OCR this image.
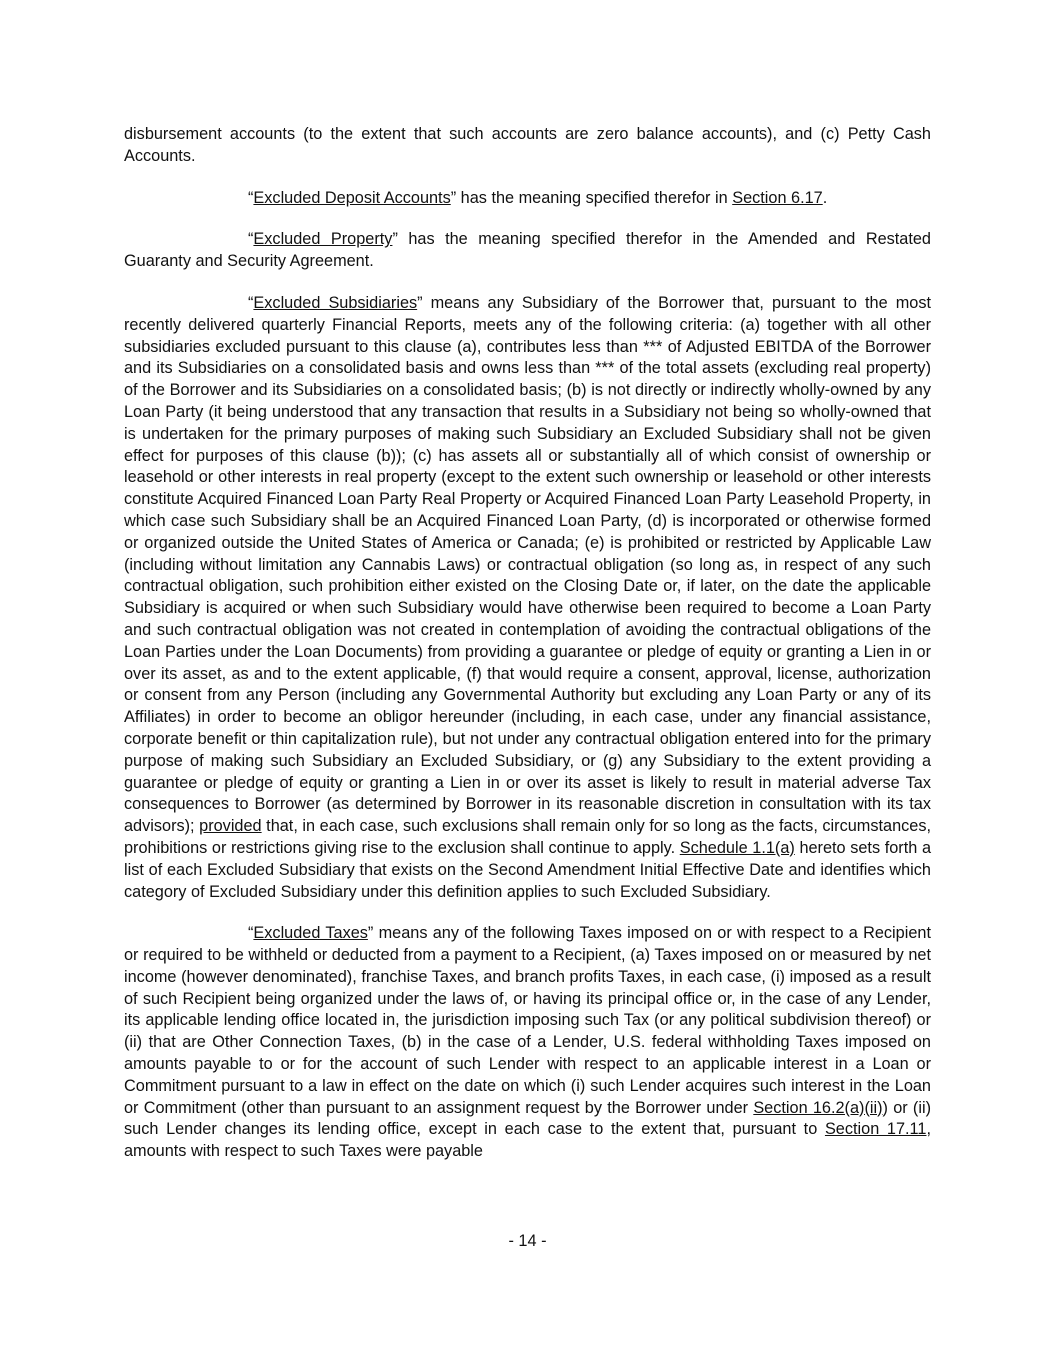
disbursement accounts (to the extent that such accounts are zero balance accounts), and (c) Petty Cash Accounts.

“Excluded Deposit Accounts” has the meaning specified therefor in Section 6.17.

“Excluded Property” has the meaning specified therefor in the Amended and Restated Guaranty and Security Agreement.

“Excluded Subsidiaries” means any Subsidiary of the Borrower that, pursuant to the most recently delivered quarterly Financial Reports, meets any of the following criteria: (a) together with all other subsidiaries excluded pursuant to this clause (a), contributes less than *** of Adjusted EBITDA of the Borrower and its Subsidiaries on a consolidated basis and owns less than *** of the total assets (excluding real property) of the Borrower and its Subsidiaries on a consolidated basis; (b) is not directly or indirectly wholly-owned by any Loan Party (it being understood that any transaction that results in a Subsidiary not being so wholly-owned that is undertaken for the primary purposes of making such Subsidiary an Excluded Subsidiary shall not be given effect for purposes of this clause (b)); (c) has assets all or substantially all of which consist of ownership or leasehold or other interests in real property (except to the extent such ownership or leasehold or other interests constitute Acquired Financed Loan Party Real Property or Acquired Financed Loan Party Leasehold Property, in which case such Subsidiary shall be an Acquired Financed Loan Party, (d) is incorporated or otherwise formed or organized outside the United States of America or Canada; (e) is prohibited or restricted by Applicable Law (including without limitation any Cannabis Laws) or contractual obligation (so long as, in respect of any such contractual obligation, such prohibition either existed on the Closing Date or, if later, on the date the applicable Subsidiary is acquired or when such Subsidiary would have otherwise been required to become a Loan Party and such contractual obligation was not created in contemplation of avoiding the contractual obligations of the Loan Parties under the Loan Documents) from providing a guarantee or pledge of equity or granting a Lien in or over its asset, as and to the extent applicable, (f) that would require a consent, approval, license, authorization or consent from any Person (including any Governmental Authority but excluding any Loan Party or any of its Affiliates) in order to become an obligor hereunder (including, in each case, under any financial assistance, corporate benefit or thin capitalization rule), but not under any contractual obligation entered into for the primary purpose of making such Subsidiary an Excluded Subsidiary, or (g) any Subsidiary to the extent providing a guarantee or pledge of equity or granting a Lien in or over its asset is likely to result in material adverse Tax consequences to Borrower (as determined by Borrower in its reasonable discretion in consultation with its tax advisors); provided that, in each case, such exclusions shall remain only for so long as the facts, circumstances, prohibitions or restrictions giving rise to the exclusion shall continue to apply. Schedule 1.1(a) hereto sets forth a list of each Excluded Subsidiary that exists on the Second Amendment Initial Effective Date and identifies which category of Excluded Subsidiary under this definition applies to such Excluded Subsidiary.

“Excluded Taxes” means any of the following Taxes imposed on or with respect to a Recipient or required to be withheld or deducted from a payment to a Recipient, (a) Taxes imposed on or measured by net income (however denominated), franchise Taxes, and branch profits Taxes, in each case, (i) imposed as a result of such Recipient being organized under the laws of, or having its principal office or, in the case of any Lender, its applicable lending office located in, the jurisdiction imposing such Tax (or any political subdivision thereof) or (ii) that are Other Connection Taxes, (b) in the case of a Lender, U.S. federal withholding Taxes imposed on amounts payable to or for the account of such Lender with respect to an applicable interest in a Loan or Commitment pursuant to a law in effect on the date on which (i) such Lender acquires such interest in the Loan or Commitment (other than pursuant to an assignment request by the Borrower under Section 16.2(a)(ii)) or (ii) such Lender changes its lending office, except in each case to the extent that, pursuant to Section 17.11, amounts with respect to such Taxes were payable

- 14 -
